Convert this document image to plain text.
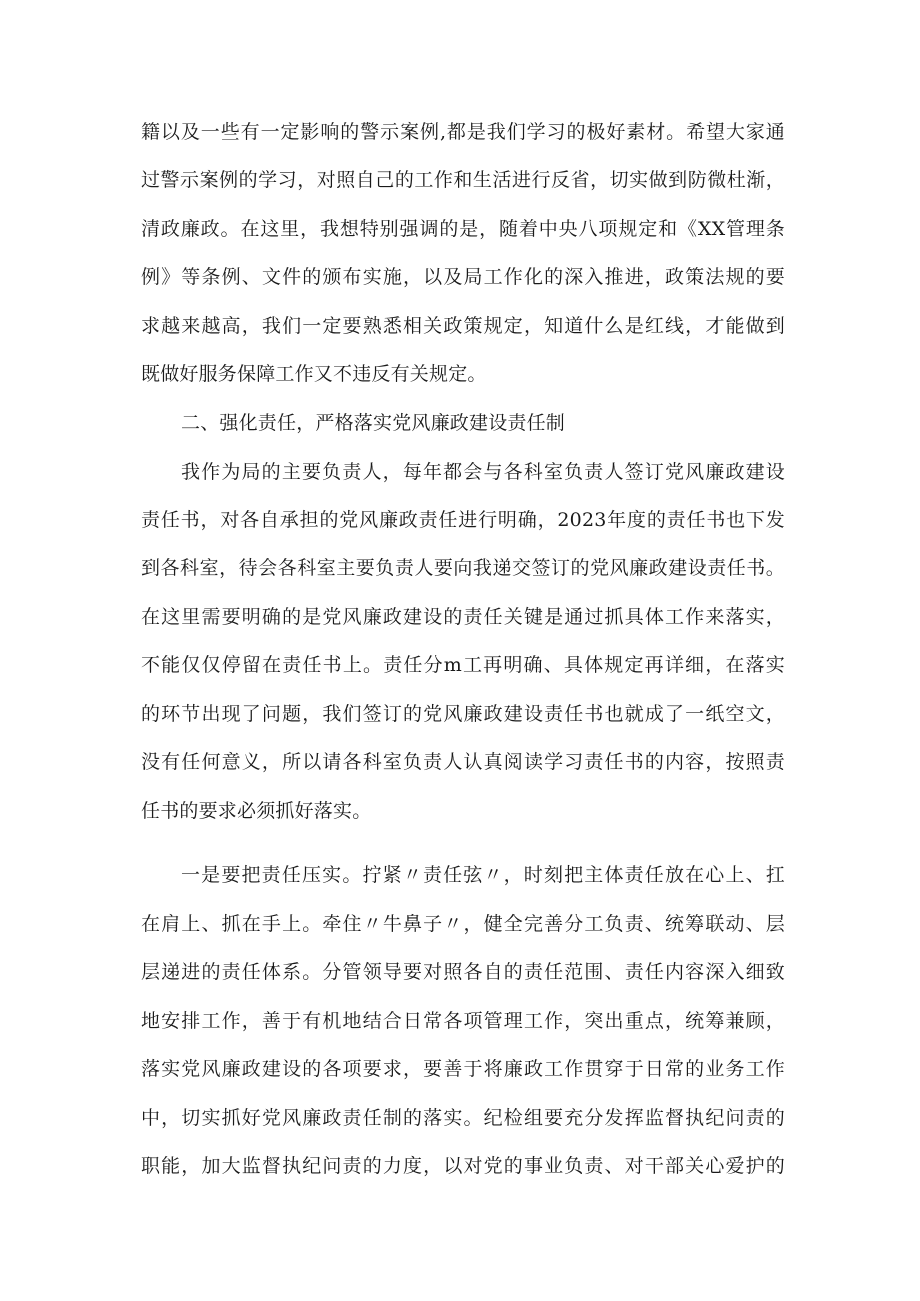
籍以及一些有一定影响的警示案例,都是我们学习的极好素材。希望大家通
过警示案例的学习，对照自己的工作和生活进行反省，切实做到防微杜渐，
清政廉政。在这里，我想特别强调的是，随着中央八项规定和《XX管理条
例》等条例、文件的颁布实施，以及局工作化的深入推进，政策法规的要
求越来越高，我们一定要熟悉相关政策规定，知道什么是红线，才能做到
既做好服务保障工作又不违反有关规定。
二、强化责任，严格落实党风廉政建设责任制
我作为局的主要负责人，每年都会与各科室负责人签订党风廉政建设
责任书，对各自承担的党风廉政责任进行明确，2023年度的责任书也下发
到各科室，待会各科室主要负责人要向我递交签订的党风廉政建设责任书。
在这里需要明确的是党风廉政建设的责任关键是通过抓具体工作来落实，
不能仅仅停留在责任书上。责任分m工再明确、具体规定再详细，在落实
的环节出现了问题，我们签订的党风廉政建设责任书也就成了一纸空文，
没有任何意义，所以请各科室负责人认真阅读学习责任书的内容，按照责
任书的要求必须抓好落实。
一是要把责任压实。拧紧〃责任弦〃，时刻把主体责任放在心上、扛
在肩上、抓在手上。牵住〃牛鼻子〃，健全完善分工负责、统筹联动、层
层递进的责任体系。分管领导要对照各自的责任范围、责任内容深入细致
地安排工作，善于有机地结合日常各项管理工作，突出重点，统筹兼顾，
落实党风廉政建设的各项要求，要善于将廉政工作贯穿于日常的业务工作
中，切实抓好党风廉政责任制的落实。纪检组要充分发挥监督执纪问责的
职能，加大监督执纪问责的力度，以对党的事业负责、对干部关心爱护的
